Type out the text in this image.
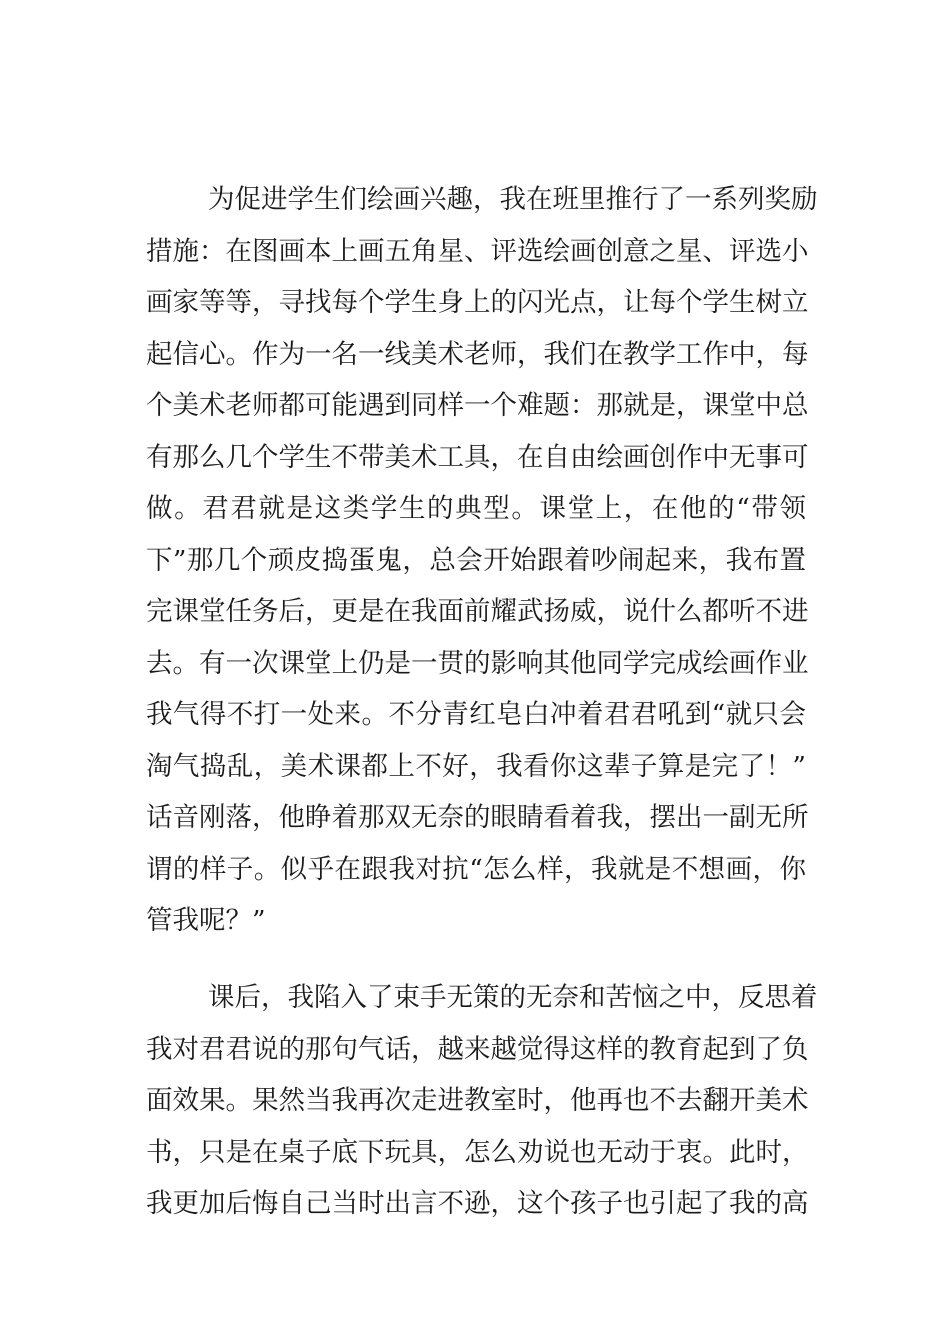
为促进学生们绘画兴趣，我在班里推行了一系列奖励
措施：在图画本上画五角星、评选绘画创意之星、评选小
画家等等，寻找每个学生身上的闪光点，让每个学生树立
起信心。作为一名一线美术老师，我们在教学工作中，每
个美术老师都可能遇到同样一个难题：那就是，课堂中总
有那么几个学生不带美术工具，在自由绘画创作中无事可
做。君君就是这类学生的典型。课堂上，在他的“带领
下”那几个顽皮捣蛋鬼，总会开始跟着吵闹起来，我布置
完课堂任务后，更是在我面前耀武扬威，说什么都听不进
去。有一次课堂上仍是一贯的影响其他同学完成绘画作业
我气得不打一处来。不分青红皂白冲着君君吼到“就只会
淘气捣乱，美术课都上不好，我看你这辈子算是完了！”
话音刚落，他睁着那双无奈的眼睛看着我，摆出一副无所
谓的样子。似乎在跟我对抗“怎么样，我就是不想画，你
管我呢？”
课后，我陷入了束手无策的无奈和苦恼之中，反思着
我对君君说的那句气话，越来越觉得这样的教育起到了负
面效果。果然当我再次走进教室时，他再也不去翻开美术
书，只是在桌子底下玩具，怎么劝说也无动于衷。此时，
我更加后悔自己当时出言不逊，这个孩子也引起了我的高
